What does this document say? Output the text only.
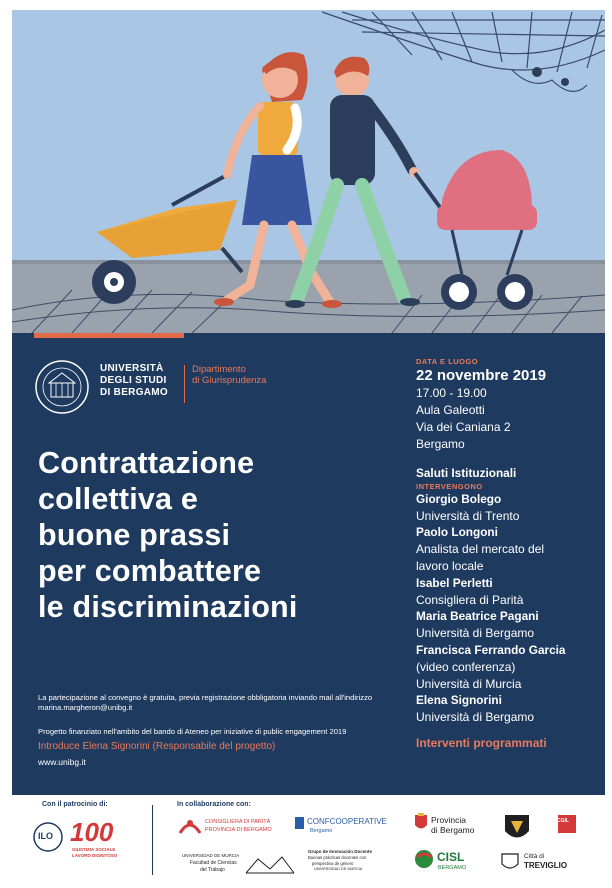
UNIVERSITÀ
DEGLI STUDI
DI BERGAMO
Dipartimento
di Giurisprudenza
Contrattazione
collettiva e
buone prassi
per combattere
le discriminazioni
La partecipazione al convegno è gratuita, previa registrazione obbligatoria inviando mail all'indirizzo marina.margheron@unibg.it
Progetto finanziato nell'ambito del bando di Ateneo per iniziative di public engagement 2019
Introduce Elena Signorini (Responsabile del progetto)
www.unibg.it
DATA E LUOGO
22 novembre 2019
17.00 - 19.00
Aula Galeotti
Via dei Caniana 2
Bergamo
Saluti Istituzionali
INTERVENGONO
Giorgio Bolego
Università di Trento
Paolo Longoni
Analista del mercato del
lavoro locale
Isabel Perletti
Consigliera di Parità
Maria Beatrice Pagani
Università di Bergamo
Francisca Ferrando Garcia
(video conferenza)
Università di Murcia
Elena Signorini
Università di Bergamo
Interventi programmati
Con il patrocinio di:	In collaborazione con:
ILO 100
GIUSTIZIA SOCIALE
LAVORO DIGNITOSO
CONSIGLIERA DI PARITÀ
PROVINCIA DI BERGAMO
CONFCOOPERATIVE
Bergamo
Provincia
di Bergamo
CGIL
UNIVERSIDAD DE MURCIA
Facultad de Ciencias
del Trabajo
Grupo de Innovación Docente
Buenas prácticas docentes con
perspectiva de género
UNIVERSIDAD DE MURCIA
CISL
BERGAMO
Città di
TREVIGLIO
